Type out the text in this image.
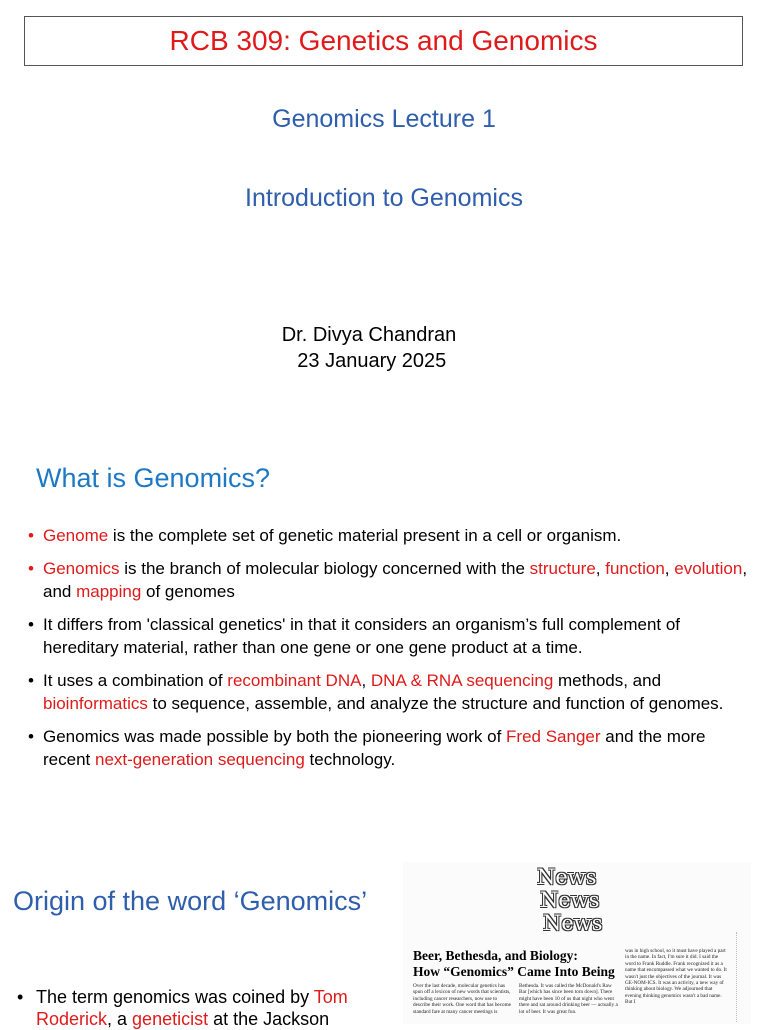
RCB 309: Genetics and Genomics
Genomics Lecture 1
Introduction to Genomics
Dr. Divya Chandran
23 January 2025
What is Genomics?
• Genome is the complete set of genetic material present in a cell or organism.
• Genomics is the branch of molecular biology concerned with the structure, function, evolution, and mapping of genomes
• It differs from 'classical genetics' in that it considers an organism’s full complement of hereditary material, rather than one gene or one gene product at a time.
• It uses a combination of recombinant DNA, DNA & RNA sequencing methods, and bioinformatics to sequence, assemble, and analyze the structure and function of genomes.
• Genomics was made possible by both the pioneering work of Fred Sanger and the more recent next-generation sequencing technology.
Origin of the word ‘Genomics’
• The term genomics was coined by Tom Roderick, a geneticist at the Jackson
News
News
News
Beer, Bethesda, and Biology:
How “Genomics” Came Into Being
Over the last decade, molecular genetics has spun off a lexicon of new words that scientists, including cancer researchers, now use to describe their work. One word that has become standard fare at many cancer meetings is
Bethesda. It was called the McDonald's Raw Bar [which has since been torn down]. There might have been 10 of us that night who went there and sat around drinking beer — actually a lot of beer. It was great fun.
was in high school, so it must have played a part in the name. In fact, I'm sure it did. I said the word to Frank Ruddle. Frank recognized it as a name that encompassed what we wanted to do. It wasn't just the objectives of the journal. It was GE-NOM-ICS. It was an activity, a new way of thinking about biology. We adjourned that evening thinking genomics wasn't a bad name. But I
